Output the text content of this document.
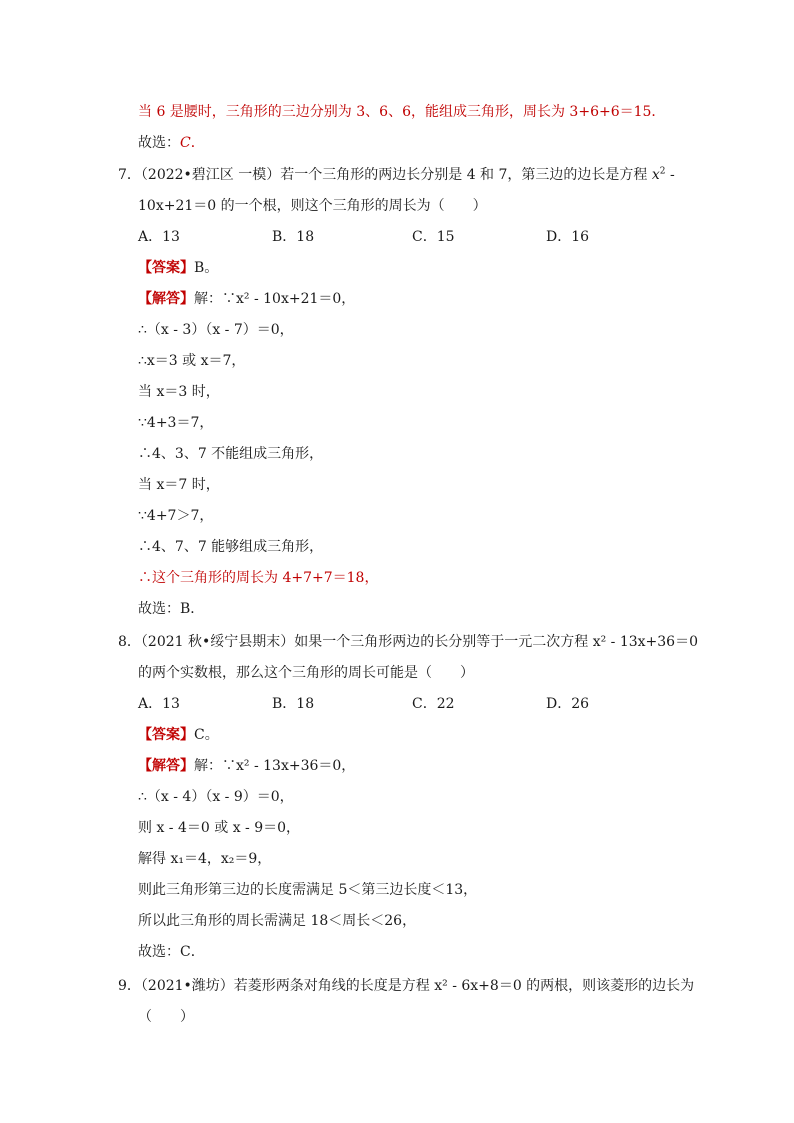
当 6 是腰时，三角形的三边分别为 3、6、6，能组成三角形，周长为 3+6+6＝15．
故选：C．
7．（2022•碧江区 一模）若一个三角形的两边长分别是 4 和 7，第三边的边长是方程 $x^2$ -
10x+21＝0 的一个根，则这个三角形的周长为（　　）
A．13	B．18	C．15	D．16
【答案】B。
【解答】解：∵x² - 10x+21＝0，
∴（x - 3）（x - 7）＝0，
∴x＝3 或 x＝7，
当 x＝3 时，
∵4+3＝7，
∴4、3、7 不能组成三角形，
当 x＝7 时，
∵4+7＞7，
∴4、7、7 能够组成三角形，
∴这个三角形的周长为 4+7+7＝18，
故选：B．
8．（2021 秋•绥宁县期末）如果一个三角形两边的长分别等于一元二次方程 x² - 13x+36＝0
的两个实数根，那么这个三角形的周长可能是（　　）
A．13	B．18	C．22	D．26
【答案】C。
【解答】解：∵x² - 13x+36＝0，
∴（x - 4）（x - 9）＝0，
则 x - 4＝0 或 x - 9＝0，
解得 x₁＝4，x₂＝9，
则此三角形第三边的长度需满足 5＜第三边长度＜13，
所以此三角形的周长需满足 18＜周长＜26，
故选：C．
9．（2021•潍坊）若菱形两条对角线的长度是方程 x² - 6x+8＝0 的两根，则该菱形的边长为
（　　）
